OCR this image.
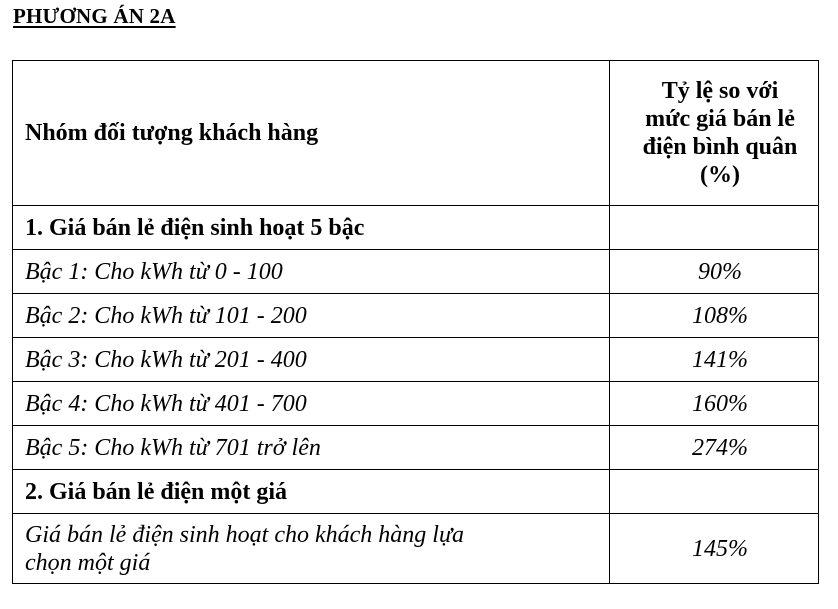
PHƯƠNG ÁN 2A
Nhóm đối tượng khách hàng	Tỷ lệ so với
mức giá bán lẻ
điện bình quân
(%)
1. Giá bán lẻ điện sinh hoạt 5 bậc	
Bậc 1: Cho kWh từ 0 - 100	90%
Bậc 2: Cho kWh từ 101 - 200	108%
Bậc 3: Cho kWh từ 201 - 400	141%
Bậc 4: Cho kWh từ 401 - 700	160%
Bậc 5: Cho kWh từ 701 trở lên	274%
2. Giá bán lẻ điện một giá	
Giá bán lẻ điện sinh hoạt cho khách hàng lựa
chọn một giá	145%
